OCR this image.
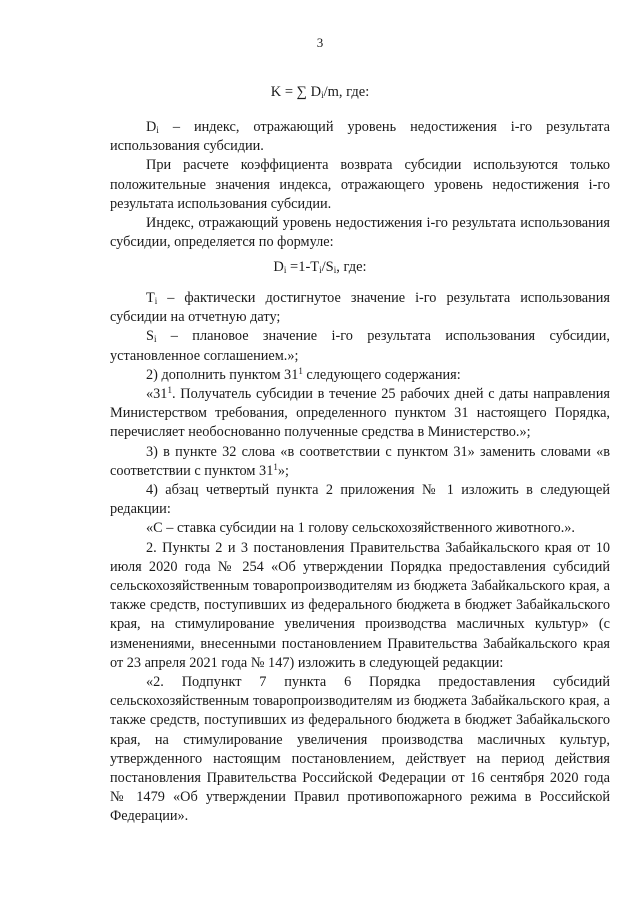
3
K = ∑ $D_i/m$, где:

$D_i$ – индекс, отражающий уровень недостижения i-го результата использования субсидии.

При расчете коэффициента возврата субсидии используются только положительные значения индекса, отражающего уровень недостижения i-го результата использования субсидии.

Индекс, отражающий уровень недостижения i-го результата использования субсидии, определяется по формуле:

$D_i =1-T_i/S_i$, где:

$T_i$ – фактически достигнутое значение i-го результата использования субсидии на отчетную дату;

$S_i$ – плановое значение i-го результата использования субсидии, установленное соглашением.»;

2) дополнить пунктом $31^1$ следующего содержания:

«$31^1$. Получатель субсидии в течение 25 рабочих дней с даты направления Министерством требования, определенного пунктом 31 настоящего Порядка, перечисляет необоснованно полученные средства в Министерство.»;

3) в пункте 32 слова «в соответствии с пунктом 31» заменить словами «в соответствии с пунктом $31^1$»;

4) абзац четвертый пункта 2 приложения № 1 изложить в следующей редакции:

«С – ставка субсидии на 1 голову сельскохозяйственного животного.».

2. Пункты 2 и 3 постановления Правительства Забайкальского края от 10 июля 2020 года № 254 «Об утверждении Порядка предоставления субсидий сельскохозяйственным товаропроизводителям из бюджета Забайкальского края, а также средств, поступивших из федерального бюджета в бюджет Забайкальского края, на стимулирование увеличения производства масличных культур» (с изменениями, внесенными постановлением Правительства Забайкальского края от 23 апреля 2021 года № 147) изложить в следующей редакции:

«2. Подпункт 7 пункта 6 Порядка предоставления субсидий сельскохозяйственным товаропроизводителям из бюджета Забайкальского края, а также средств, поступивших из федерального бюджета в бюджет Забайкальского края, на стимулирование увеличения производства масличных культур, утвержденного настоящим постановлением, действует на период действия постановления Правительства Российской Федерации от 16 сентября 2020 года № 1479 «Об утверждении Правил противопожарного режима в Российской Федерации».
